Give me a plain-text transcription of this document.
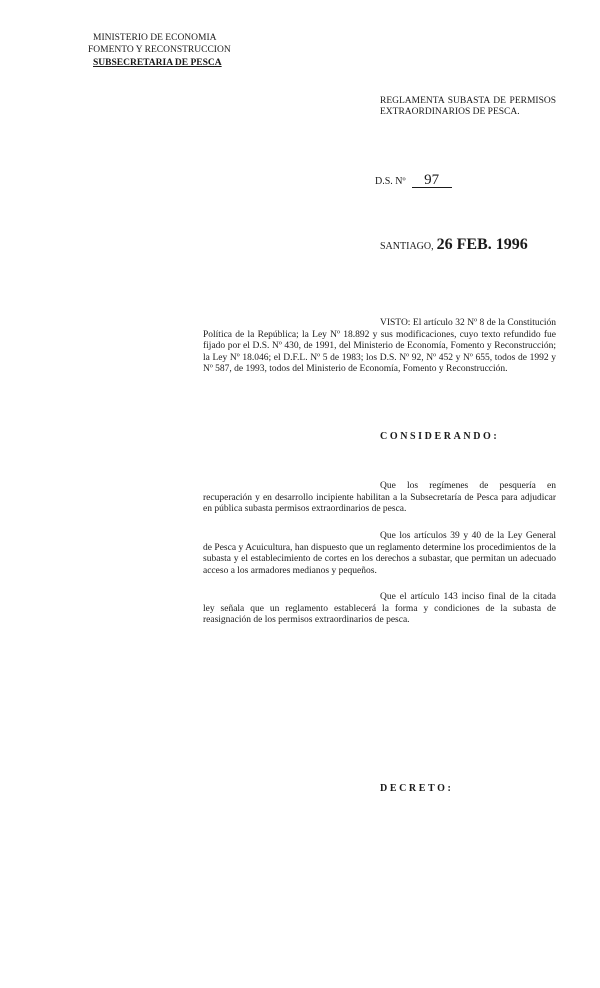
MINISTERIO DE ECONOMIA
FOMENTO Y RECONSTRUCCION
SUBSECRETARIA DE PESCA
REGLAMENTA SUBASTA DE PERMISOS EXTRAORDINARIOS DE PESCA.
D.S. Nº 97
SANTIAGO, 26 FEB. 1996
VISTO: El artículo 32 Nº 8 de la Constitución Política de la República; la Ley Nº 18.892 y sus modificaciones, cuyo texto refundido fue fijado por el D.S. Nº 430, de 1991, del Ministerio de Economía, Fomento y Reconstrucción; la Ley Nº 18.046; el D.F.L. Nº 5 de 1983; los D.S. Nº 92, Nº 452 y Nº 655, todos de 1992 y Nº 587, de 1993, todos del Ministerio de Economía, Fomento y Reconstrucción.
CONSIDERANDO:
Que los regímenes de pesquería en recuperación y en desarrollo incipiente habilitan a la Subsecretaría de Pesca para adjudicar en pública subasta permisos extraordinarios de pesca.
Que los artículos 39 y 40 de la Ley General de Pesca y Acuicultura, han dispuesto que un reglamento determine los procedimientos de la subasta y el establecimiento de cortes en los derechos a subastar, que permitan un adecuado acceso a los armadores medianos y pequeños.
Que el artículo 143 inciso final de la citada ley señala que un reglamento establecerá la forma y condiciones de la subasta de reasignación de los permisos extraordinarios de pesca.
DECRETO:
